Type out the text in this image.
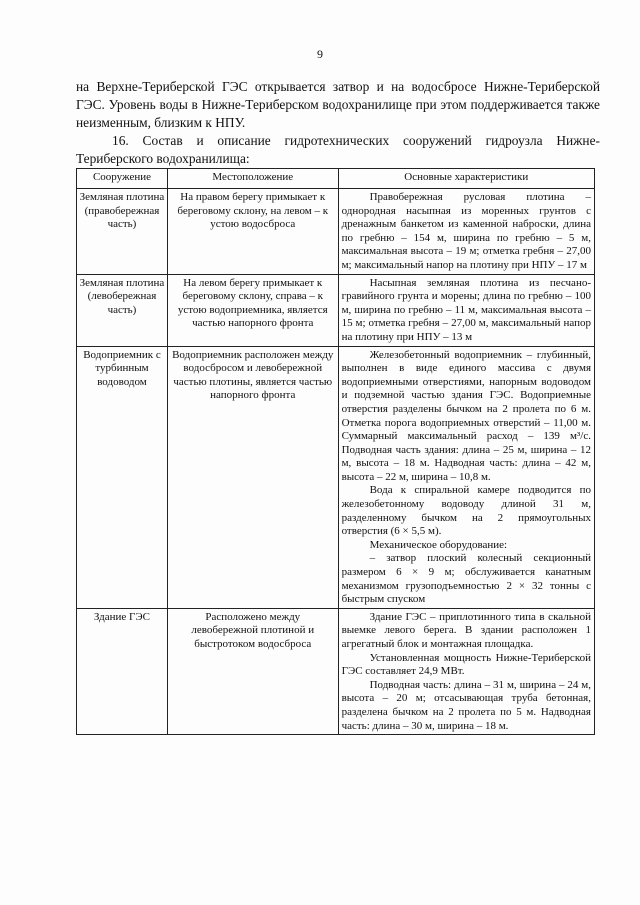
9

на Верхне-Териберской ГЭС открывается затвор и на водосбросе Нижне-Териберской ГЭС. Уровень воды в Нижне-Териберском водохранилище при этом поддерживается также неизменным, близким к НПУ.

16. Состав и описание гидротехнических сооружений гидроузла Нижне-Териберского водохранилища:

Сооружение	Местоположение	Основные характеристики
Земляная плотина (правобережная часть)	На правом берегу примыкает к береговому склону, на левом – к устою водосброса	Правобережная русловая плотина – однородная насыпная из моренных грунтов с дренажным банкетом из каменной наброски, длина по гребню – 154 м, ширина по гребню – 5 м, максимальная высота – 19 м; отметка гребня – 27,00 м; максимальный напор на плотину при НПУ – 17 м

Земляная плотина (левобережная часть)	На левом берегу примыкает к береговому склону, справа – к устою водоприемника, является частью напорного фронта	Насыпная земляная плотина из песчано-гравийного грунта и морены; длина по гребню – 100 м, ширина по гребню – 11 м, максимальная высота – 15 м; отметка гребня – 27,00 м, максимальный напор на плотину при НПУ – 13 м

Водоприемник с турбинным водоводом	Водоприемник расположен между водосбросом и левобережной частью плотины, является частью напорного фронта	Железобетонный водоприемник – глубинный, выполнен в виде единого массива с двумя водоприемными отверстиями, напорным водоводом и подземной частью здания ГЭС. Водоприемные отверстия разделены бычком на 2 пролета по 6 м. Отметка порога водоприемных отверстий – 11,00 м. Суммарный максимальный расход – 139 м³/с. Подводная часть здания: длина – 25 м, ширина – 12 м, высота – 18 м. Надводная часть: длина – 42 м, высота – 22 м, ширина – 10,8 м.

Вода к спиральной камере подводится по железобетонному водоводу длиной 31 м, разделенному бычком на 2 прямоугольных отверстия (6 × 5,5 м).

Механическое оборудование:

– затвор плоский колесный секционный размером 6 × 9 м; обслуживается канатным механизмом грузоподъемностью 2 × 32 тонны с быстрым спуском

Здание ГЭС	Расположено между левобережной плотиной и быстротоком водосброса	Здание ГЭС – приплотинного типа в скальной выемке левого берега. В здании расположен 1 агрегатный блок и монтажная площадка.

Установленная мощность Нижне-Териберской ГЭС составляет 24,9 МВт.

Подводная часть: длина – 31 м, ширина – 24 м, высота – 20 м; отсасывающая труба бетонная, разделена бычком на 2 пролета по 5 м. Надводная часть: длина – 30 м, ширина – 18 м.
